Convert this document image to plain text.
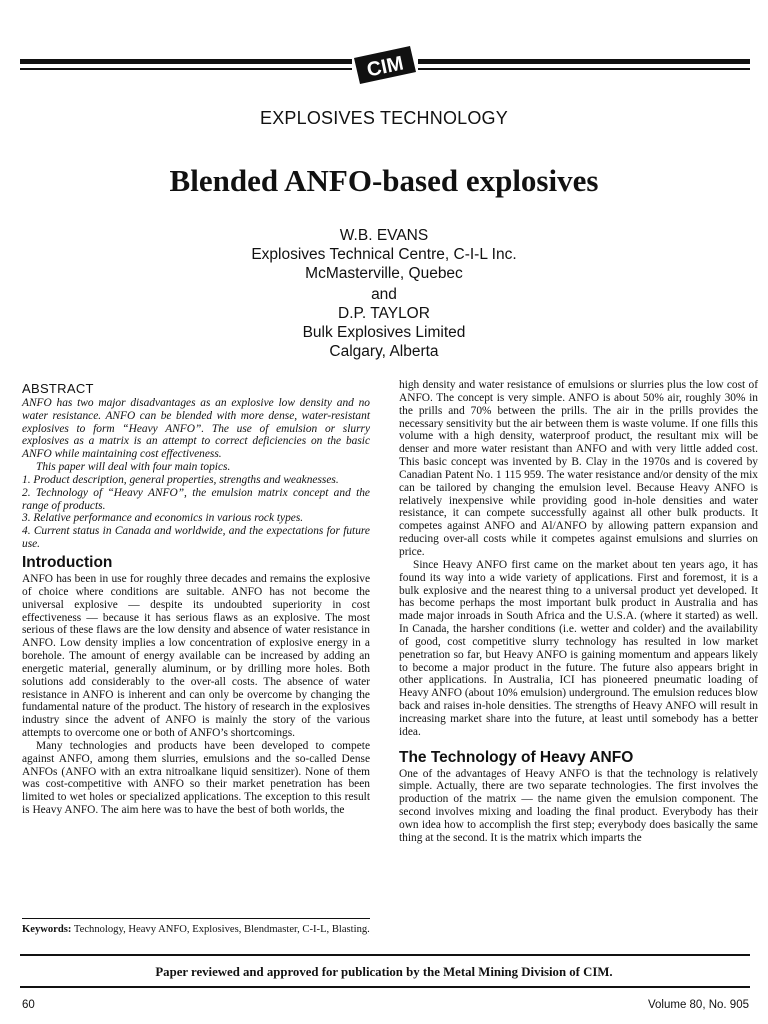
CIM
EXPLOSIVES TECHNOLOGY
Blended ANFO-based explosives
W.B. EVANS
Explosives Technical Centre, C-I-L Inc.
McMasterville, Quebec
and
D.P. TAYLOR
Bulk Explosives Limited
Calgary, Alberta
ABSTRACT

ANFO has two major disadvantages as an explosive low density and no water resistance. ANFO can be blended with more dense, water-resistant explosives to form “Heavy ANFO”. The use of emulsion or slurry explosives as a matrix is an attempt to correct deficiencies on the basic ANFO while maintaining cost effectiveness.

This paper will deal with four main topics.

1. Product description, general properties, strengths and weaknesses.

2. Technology of “Heavy ANFO”, the emulsion matrix concept and the range of products.

3. Relative performance and economics in various rock types.

4. Current status in Canada and worldwide, and the expectations for future use.

Introduction

ANFO has been in use for roughly three decades and remains the explosive of choice where conditions are suitable. ANFO has not become the universal explosive — despite its undoubted superiority in cost effectiveness — because it has serious flaws as an explosive. The most serious of these flaws are the low density and absence of water resistance in ANFO. Low density implies a low concentration of explosive energy in a borehole. The amount of energy available can be increased by adding an energetic material, generally aluminum, or by drilling more holes. Both solutions add considerably to the over-all costs. The absence of water resistance in ANFO is inherent and can only be overcome by changing the fundamental nature of the product. The history of research in the explosives industry since the advent of ANFO is mainly the story of the various attempts to overcome one or both of ANFO’s shortcomings.

Many technologies and products have been developed to compete against ANFO, among them slurries, emulsions and the so-called Dense ANFOs (ANFO with an extra nitroalkane liquid sensitizer). None of them was cost-competitive with ANFO so their market penetration has been limited to wet holes or specialized applications. The exception to this result is Heavy ANFO. The aim here was to have the best of both worlds, the

Keywords: Technology, Heavy ANFO, Explosives, Blendmaster, C-I-L, Blasting.

high density and water resistance of emulsions or slurries plus the low cost of ANFO. The concept is very simple. ANFO is about 50% air, roughly 30% in the prills and 70% between the prills. The air in the prills provides the necessary sensitivity but the air between them is waste volume. If one fills this volume with a high density, waterproof product, the resultant mix will be denser and more water resistant than ANFO and with very little added cost. This basic concept was invented by B. Clay in the 1970s and is covered by Canadian Patent No. 1 115 959. The water resistance and/or density of the mix can be tailored by changing the emulsion level. Because Heavy ANFO is relatively inexpensive while providing good in-hole densities and water resistance, it can compete successfully against all other bulk products. It competes against ANFO and Al/ANFO by allowing pattern expansion and reducing over-all costs while it competes against emulsions and slurries on price.

Since Heavy ANFO first came on the market about ten years ago, it has found its way into a wide variety of applications. First and foremost, it is a bulk explosive and the nearest thing to a universal product yet developed. It has become perhaps the most important bulk product in Australia and has made major inroads in South Africa and the U.S.A. (where it started) as well. In Canada, the harsher conditions (i.e. wetter and colder) and the availability of good, cost competitive slurry technology has resulted in low market penetration so far, but Heavy ANFO is gaining momentum and appears likely to become a major product in the future. The future also appears bright in other applications. In Australia, ICI has pioneered pneumatic loading of Heavy ANFO (about 10% emulsion) underground. The emulsion reduces blow back and raises in-hole densities. The strengths of Heavy ANFO will result in increasing market share into the future, at least until somebody has a better idea.

The Technology of Heavy ANFO

One of the advantages of Heavy ANFO is that the technology is relatively simple. Actually, there are two separate technologies. The first involves the production of the matrix — the name given the emulsion component. The second involves mixing and loading the final product. Everybody has their own idea how to accomplish the first step; everybody does basically the same thing at the second. It is the matrix which imparts the

Paper reviewed and approved for publication by the Metal Mining Division of CIM.
60	Volume 80, No. 905
